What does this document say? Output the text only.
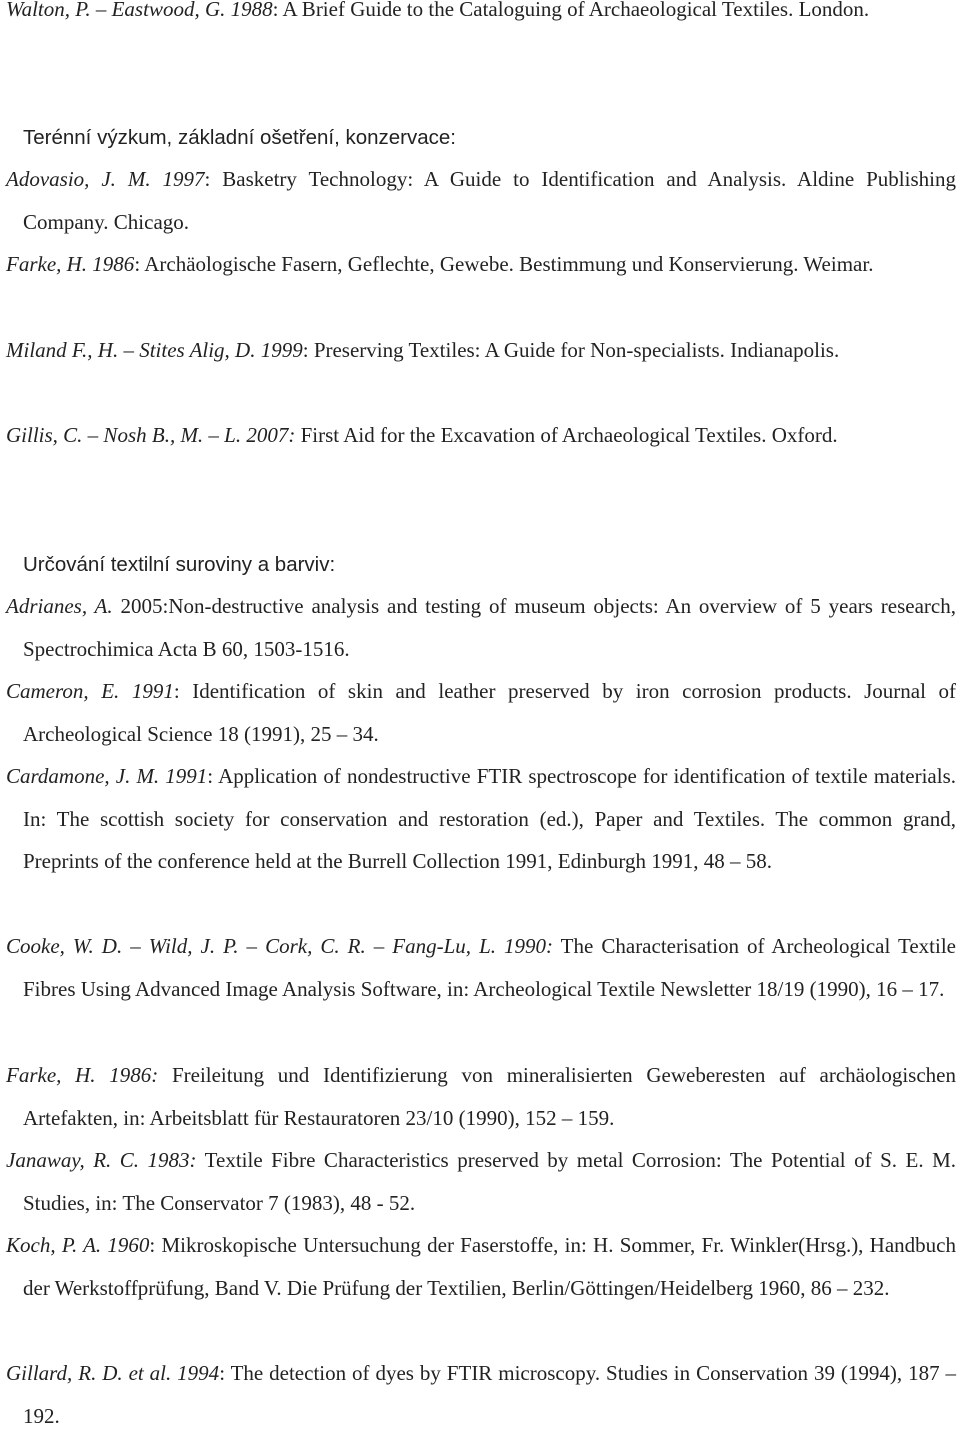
Walton, P. – Eastwood, G. 1988: A Brief Guide to the Cataloguing of Archaeological Textiles. London.
Terénní výzkum, základní ošetření, konzervace:
Adovasio, J. M. 1997: Basketry Technology: A Guide to Identification and Analysis. Aldine Publishing Company. Chicago.
Farke, H. 1986: Archäologische Fasern, Geflechte, Gewebe. Bestimmung und Konservierung. Weimar.
Miland F., H. – Stites Alig, D. 1999: Preserving Textiles: A Guide for Non-specialists. Indianapolis.
Gillis, C. – Nosh B., M. – L. 2007: First Aid for the Excavation of Archaeological Textiles. Oxford.
Určování textilní suroviny a barviv:
Adrianes, A. 2005:Non-destructive analysis and testing of museum objects: An overview of 5 years research, Spectrochimica Acta B 60, 1503-1516.
Cameron, E. 1991: Identification of skin and leather preserved by iron corrosion products. Journal of Archeological Science 18 (1991), 25 – 34.
Cardamone, J. M. 1991: Application of nondestructive FTIR spectroscope for identification of textile materials. In: The scottish society for conservation and restoration (ed.), Paper and Textiles. The common grand, Preprints of the conference held at the Burrell Collection 1991, Edinburgh 1991, 48 – 58.
Cooke, W. D. – Wild, J. P. – Cork, C. R. – Fang-Lu, L. 1990: The Characterisation of Archeological Textile Fibres Using Advanced Image Analysis Software, in: Archeological Textile Newsletter 18/19 (1990), 16 – 17.
Farke, H. 1986: Freileitung und Identifizierung von mineralisierten Geweberesten auf archäologischen Artefakten, in: Arbeitsblatt für Restauratoren 23/10 (1990), 152 – 159.
Janaway, R. C. 1983: Textile Fibre Characteristics preserved by metal Corrosion: The Potential of S. E. M. Studies, in: The Conservator 7 (1983), 48 - 52.
Koch, P. A. 1960: Mikroskopische Untersuchung der Faserstoffe, in: H. Sommer, Fr. Winkler(Hrsg.), Handbuch der Werkstoffprüfung, Band V. Die Prüfung der Textilien, Berlin/Göttingen/Heidelberg 1960, 86 – 232.
Gillard, R. D. et al. 1994: The detection of dyes by FTIR microscopy. Studies in Conservation 39 (1994), 187 – 192.
